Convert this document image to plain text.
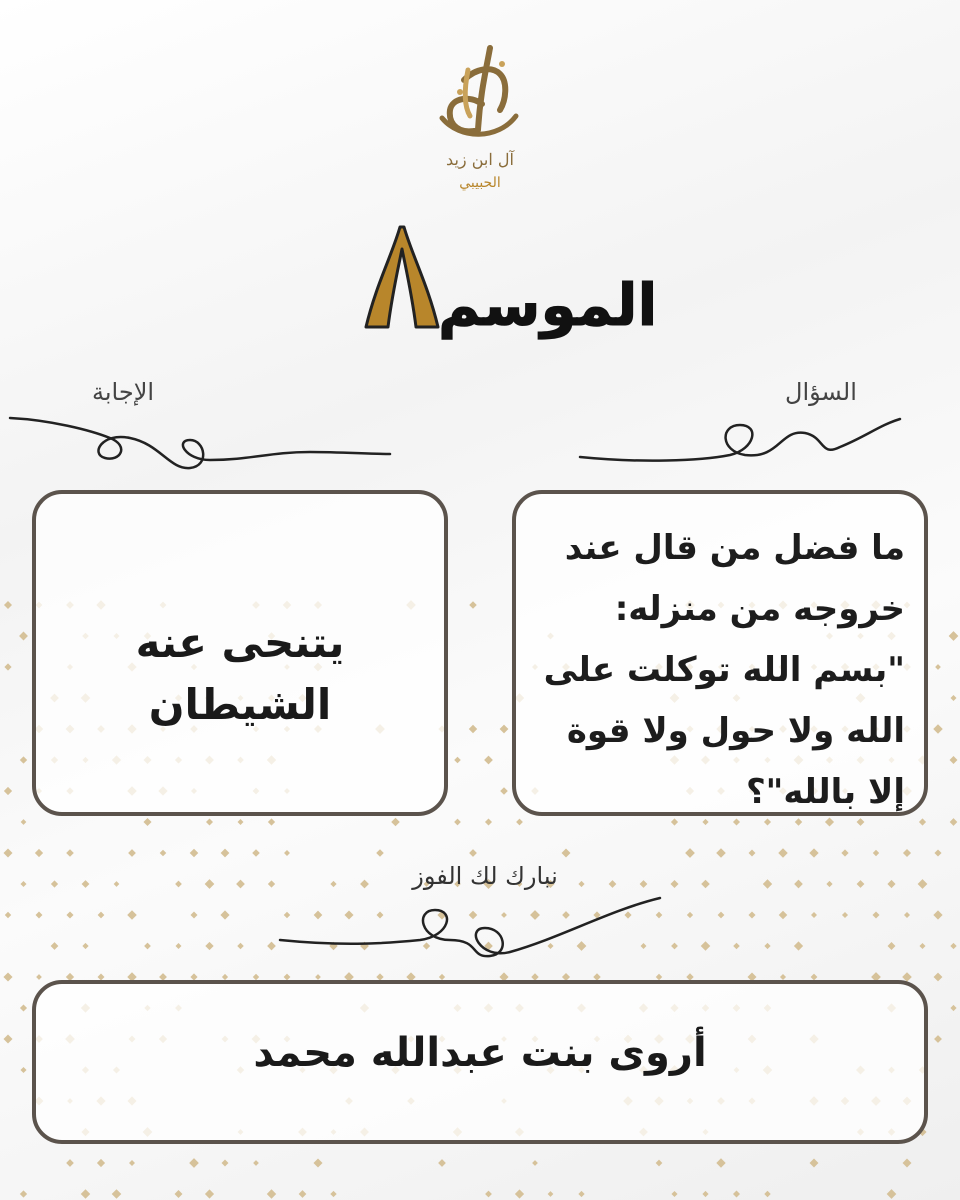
آل ابن زيد
الحبيبي
الموسم
السؤال
الإجابة
ما فضل من قال عند خروجه من منزله: "بسم الله توكلت على الله ولا حول ولا قوة إلا بالله"؟
يتنحى عنه الشيطان
نبارك لك الفوز
أروى بنت عبدالله محمد
